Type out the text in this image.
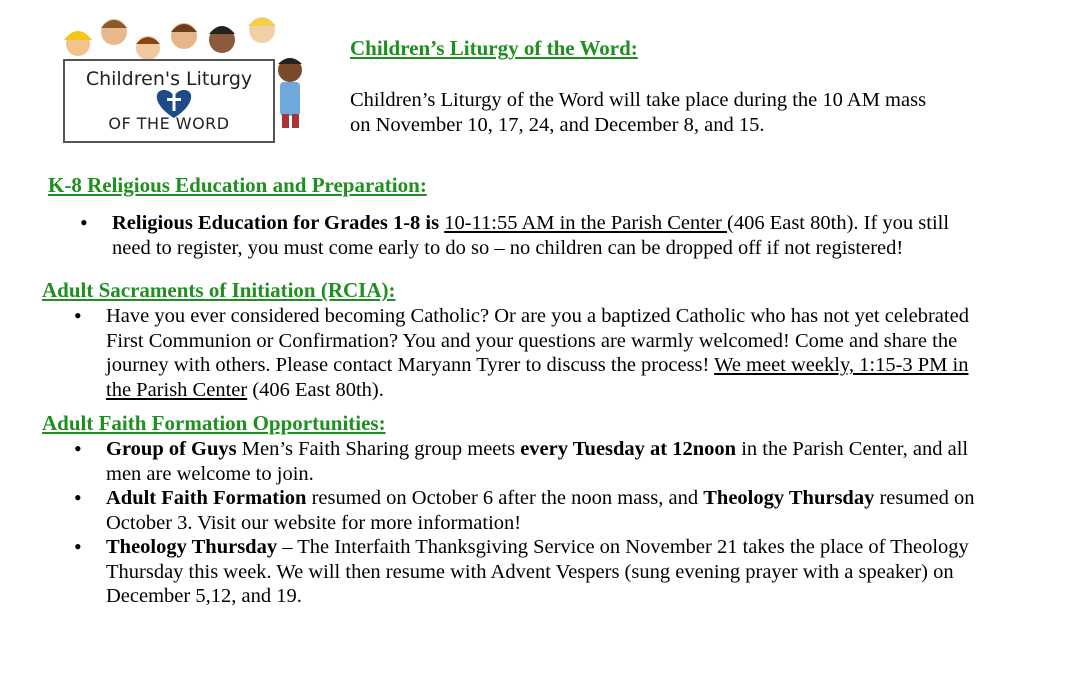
Children's Liturgy
OF THE WORD
Children’s Liturgy of the Word:
Children’s Liturgy of the Word will take place during the 10 AM mass
on November 10, 17, 24, and December 8, and 15.
K-8 Religious Education and Preparation:
• Religious Education for Grades 1-8 is 10-11:55 AM in the Parish Center (406 East 80th). If you still
need to register, you must come early to do so – no children can be dropped off if not registered!
Adult Sacraments of Initiation (RCIA):
• Have you ever considered becoming Catholic? Or are you a baptized Catholic who has not yet celebrated
First Communion or Confirmation? You and your questions are warmly welcomed! Come and share the
journey with others. Please contact Maryann Tyrer to discuss the process! We meet weekly, 1:15-3 PM in
the Parish Center (406 East 80th).
Adult Faith Formation Opportunities:
• Group of Guys Men’s Faith Sharing group meets every Tuesday at 12noon in the Parish Center, and all
men are welcome to join.
• Adult Faith Formation resumed on October 6 after the noon mass, and Theology Thursday resumed on
October 3. Visit our website for more information!
• Theology Thursday – The Interfaith Thanksgiving Service on November 21 takes the place of Theology
Thursday this week. We will then resume with Advent Vespers (sung evening prayer with a speaker) on
December 5,12, and 19.
